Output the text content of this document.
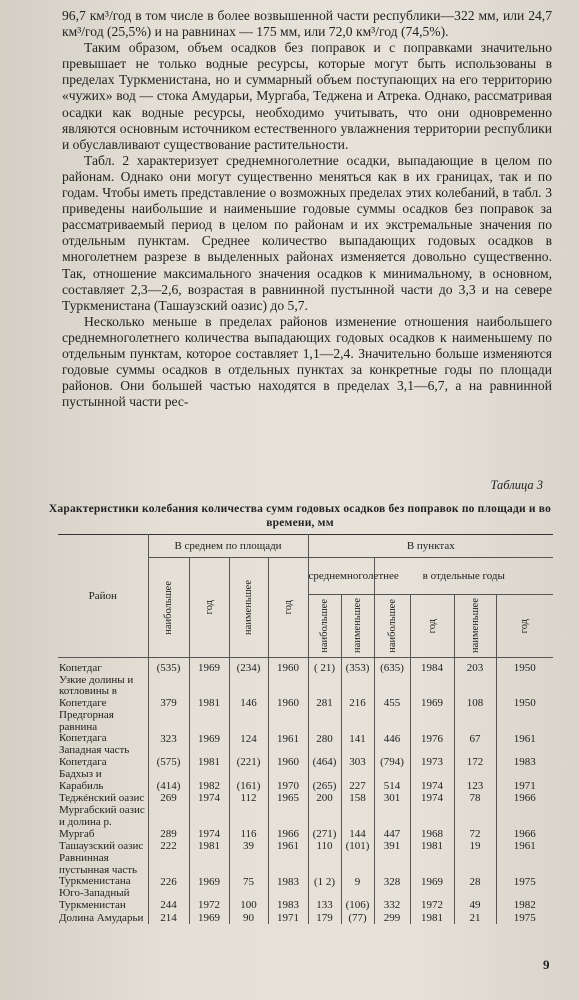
96,7 км³/год в том числе в более возвышенной части республики—322 мм, или 24,7 км³/год (25,5%) и на равнинах — 175 мм, или 72,0 км³/год (74,5%).

Таким образом, объем осадков без поправок и с поправками значительно превышает не только водные ресурсы, которые могут быть использованы в пределах Туркменистана, но и суммарный объем поступающих на его территорию «чужих» вод — стока Амударьи, Мургаба, Теджена и Атрека. Однако, рассматривая осадки как водные ресурсы, необходимо учитывать, что они одновременно являются основным источником естественного увлажнения территории республики и обуславливают существование растительности.

Табл. 2 характеризует среднемноголетние осадки, выпадающие в целом по районам. Однако они могут существенно меняться как в их границах, так и по годам. Чтобы иметь представление о возможных пределах этих колебаний, в табл. 3 приведены наибольшие и наименьшие годовые суммы осадков без поправок за рассматриваемый период в целом по районам и их экстремальные значения по отдельным пунктам. Среднее количество выпадающих годовых осадков в многолетнем разрезе в выделенных районах изменяется довольно существенно. Так, отношение максимального значения осадков к минимальному, в основном, составляет 2,3—2,6, возрастая в равнинной пустынной части до 3,3 и на севере Туркменистана (Ташаузский оазис) до 5,7.

Несколько меньше в пределах районов изменение отношения наибольшего среднемноголетнего количества выпадающих годовых осадков к наименьшему по отдельным пунктам, которое составляет 1,1—2,4. Значительно больше изменяются годовые суммы осадков в отдельных пунктах за конкретные годы по площади районов. Они большей частью находятся в пределах 3,1—6,7, а на равнинной пустынной части рес-

Таблица 3
Характеристики колебания количества сумм годовых осадков без поправок по площади и во времени, мм
Район	В среднем по площади				В пунктах					

	наибольшее	год	наименьшее	год	среднемноголетнее		в отдельные годы			

					наибольшее	наименьшее	наибольшее	год	наименьшее	год

Копетдаг	(535)	1969	(234)	1960	( 21)	(353)	(635)	1984	203	1950
Узкие долины и котловины в Копетдаге	379	1981	146	1960	281	216	455	1969	108	1950
Предгорная равнина Копетдага	323	1969	124	1961	280	141	446	1976	67	1961
Западная часть Копетдага	(575)	1981	(221)	1960	(464)	303	(794)	1973	172	1983
Бадхыз и Карабиль	(414)	1982	(161)	1970	(265)	227	514	1974	123	1971
Теджéнский оазис	269	1974	112	1965	200	158	301	1974	78	1966
Мургабский оазис и долина р. Мургаб	289	1974	116	1966	(271)	144	447	1968	72	1966
Ташаузский оазис	222	1981	39	1961	110	(101)	391	1981	19	1961
Равнинная пустынная часть Туркменистана	226	1969	75	1983	(1 2)	9	328	1969	28	1975
Юго-Западный Туркменистан	244	1972	100	1983	133	(106)	332	1972	49	1982
Долина Амударьи	214	1969	90	1971	179	(77)	299	1981	21	1975
9
